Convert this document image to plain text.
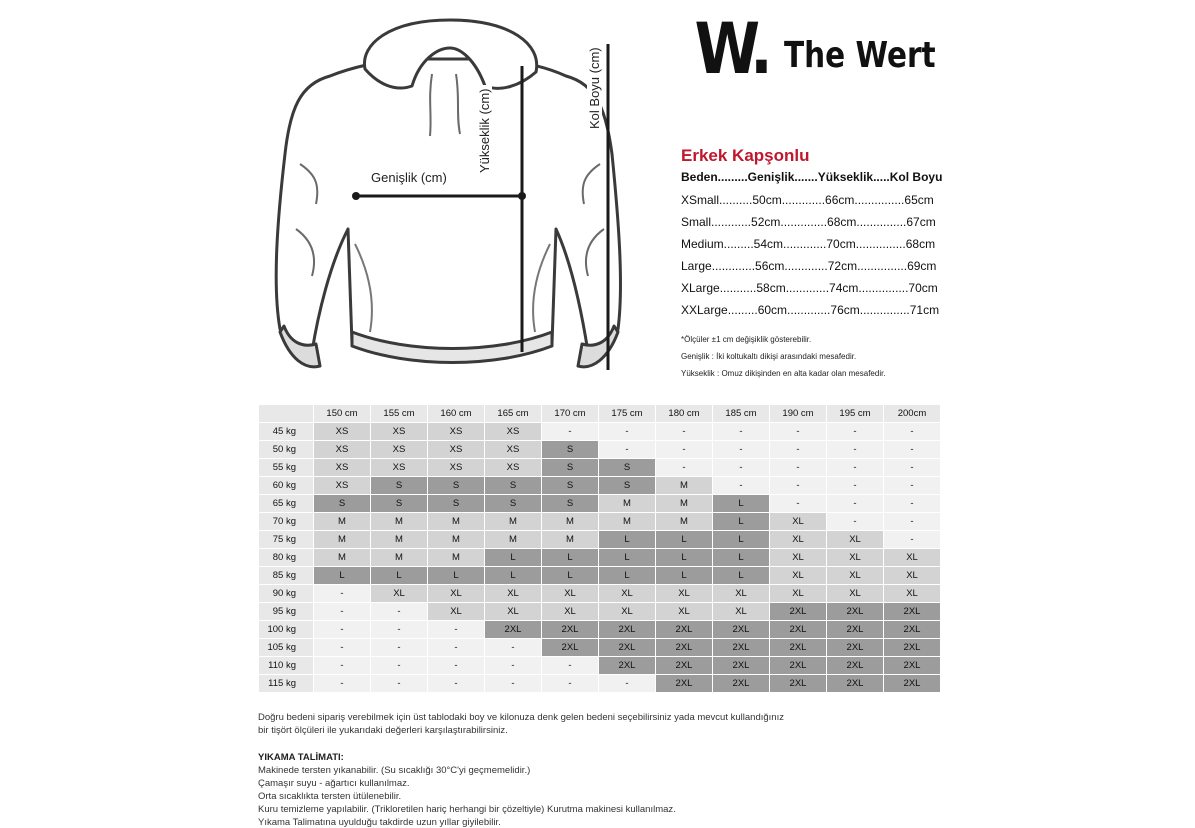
Genişlik (cm)
Yükseklik (cm)
Kol Boyu (cm) W. The Wert
Erkek Kapşonlu
Beden.........Genişlik.......Yükseklik.....Kol Boyu
XSmall..........50cm.............66cm...............65cm
Small............52cm..............68cm...............67cm
Medium.........54cm.............70cm...............68cm
Large.............56cm.............72cm...............69cm
XLarge...........58cm.............74cm...............70cm
XXLarge.........60cm.............76cm...............71cm
*Ölçüler ±1 cm değişiklik gösterebilir.
Genişlik : İki koltukaltı dikişi arasındaki mesafedir.
Yükseklik : Omuz dikişinden en alta kadar olan mesafedir.
	150 cm	155 cm	160 cm	165 cm	170 cm	175 cm	180 cm	185 cm	190 cm	195 cm	200cm
45 kg	XS	XS	XS	XS	-	-	-	-	-	-	-
50 kg	XS	XS	XS	XS	S	-	-	-	-	-	-
55 kg	XS	XS	XS	XS	S	S	-	-	-	-	-
60 kg	XS	S	S	S	S	S	M	-	-	-	-
65 kg	S	S	S	S	S	M	M	L	-	-	-
70 kg	M	M	M	M	M	M	M	L	XL	-	-
75 kg	M	M	M	M	M	L	L	L	XL	XL	-
80 kg	M	M	M	L	L	L	L	L	XL	XL	XL
85 kg	L	L	L	L	L	L	L	L	XL	XL	XL
90 kg	-	XL	XL	XL	XL	XL	XL	XL	XL	XL	XL
95 kg	-	-	XL	XL	XL	XL	XL	XL	2XL	2XL	2XL
100 kg	-	-	-	2XL	2XL	2XL	2XL	2XL	2XL	2XL	2XL
105 kg	-	-	-	-	2XL	2XL	2XL	2XL	2XL	2XL	2XL
110 kg	-	-	-	-	-	2XL	2XL	2XL	2XL	2XL	2XL
115 kg	-	-	-	-	-	-	2XL	2XL	2XL	2XL	2XL
Doğru bedeni sipariş verebilmek için üst tablodaki boy ve kilonuza denk gelen bedeni seçebilirsiniz yada mevcut kullandığınız
bir tişört ölçüleri ile yukarıdaki değerleri karşılaştırabilirsiniz.
YIKAMA TALİMATI:
Makinede tersten yıkanabilir. (Su sıcaklığı 30°C'yi geçmemelidir.)
Çamaşır suyu - ağartıcı kullanılmaz.
Orta sıcaklıkta tersten ütülenebilir.
Kuru temizleme yapılabilir. (Trikloretilen hariç herhangi bir çözeltiyle) Kurutma makinesi kullanılmaz.
Yıkama Talimatına uyulduğu takdirde uzun yıllar giyilebilir.
